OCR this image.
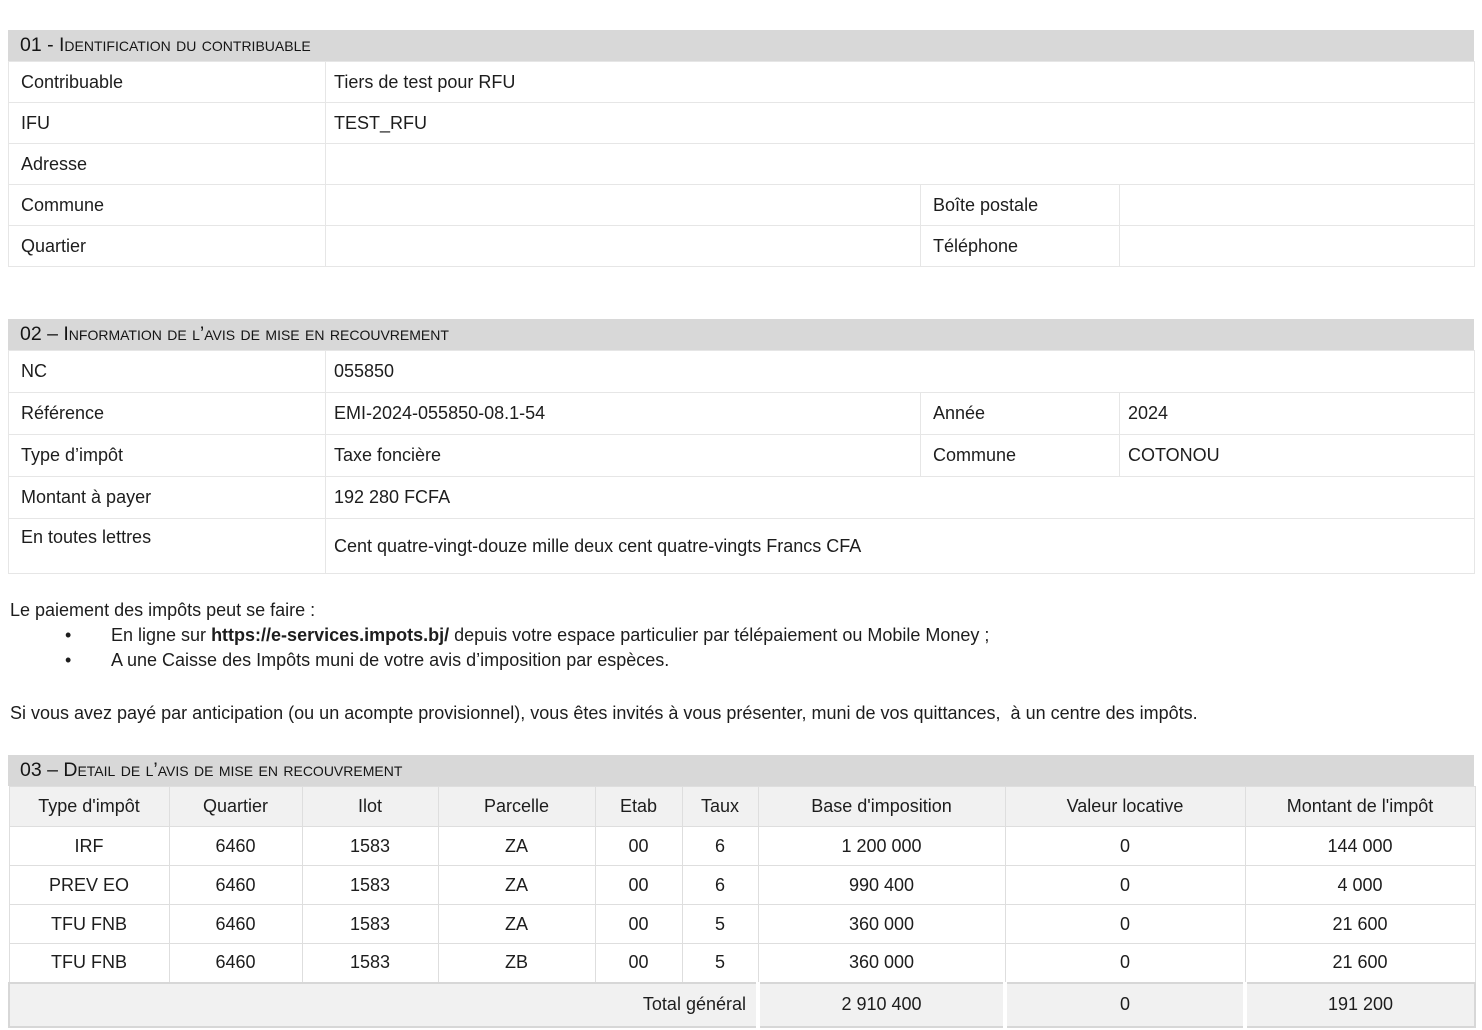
01 - Identification du contribuable
Contribuable	Tiers de test pour RFU		
IFU	TEST_RFU		
Adresse			
Commune		Boîte postale	
Quartier		Téléphone	
02 – Information de l’avis de mise en recouvrement
NC	055850		
Référence	EMI-2024-055850-08.1-54	Année	2024
Type d’impôt	Taxe foncière	Commune	COTONOU
Montant à payer	192 280 FCFA		
En toutes lettres	Cent quatre-vingt-douze mille deux cent quatre-vingts Francs CFA		

Le paiement des impôts peut se faire :

•	En ligne sur https://e-services.impots.bj/ depuis votre espace particulier par télépaiement ou Mobile Money ;
•	A une Caisse des Impôts muni de votre avis d’imposition par espèces.

Si vous avez payé par anticipation (ou un acompte provisionnel), vous êtes invités à vous présenter, muni de vos quittances,  à un centre des impôts.

03 – Detail de l’avis de mise en recouvrement
Type d'impôt	Quartier	Ilot	Parcelle	Etab	Taux	Base d'imposition	Valeur locative	Montant de l'impôt
IRF	6460	1583	ZA	00	6	1 200 000	0	144 000
PREV EO	6460	1583	ZA	00	6	990 400	0	4 000
TFU FNB	6460	1583	ZA	00	5	360 000	0	21 600
TFU FNB	6460	1583	ZB	00	5	360 000	0	21 600
Total général						2 910 400	0	191 200
